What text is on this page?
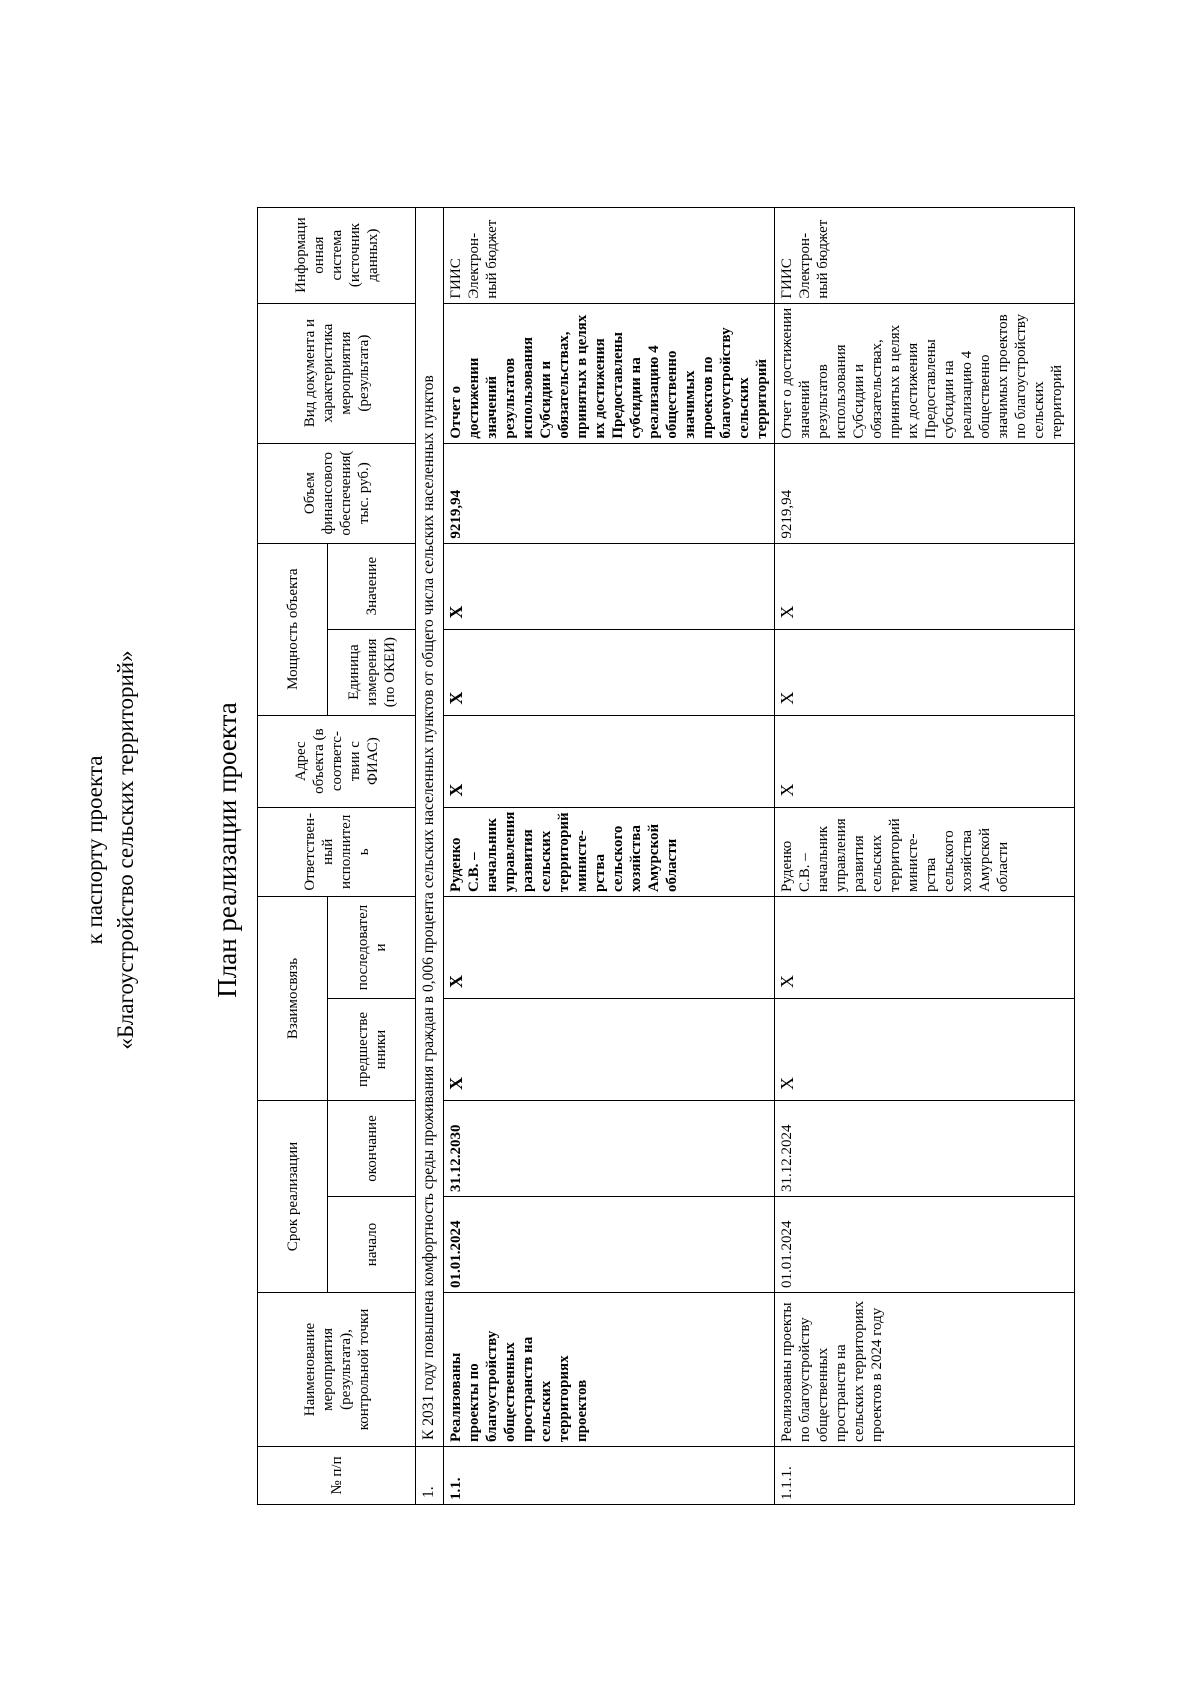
к паспорту проекта «Благоустройство сельских территорий»	План реализации проекта
№ п/п	Наименование мероприятия (результата), контрольной точки	Срок реализации		Взаимосвязь		Ответствен- ный исполнител ь	Адрес объекта (в соответс- твии с ФИАС)	Мощность объекта		Объем финансового обеспечения( тыс. руб.)	Вид документа и характеристика мероприятия (результата)	Информаци онная система (источник данных)
		начало	окончание	предшестве нники	последовател и			Единица измерения (по ОКЕИ)	Значение			
1.	К 2031 году повышена комфортность среды проживания граждан в 0,006 процента сельских населенных пунктов от общего числа сельских населенных пунктов											
1.1.	Реализованы проекты по благоустройству общественных пространств на сельских территориях проектов	01.01.2024	31.12.2030	X	X	Руденко С.В. – начальник управления развития сельских территорий министе- рства сельского хозяйства Амурской области	X	X	X	9219,94	Отчет о достижении значений результатов использования Субсидии и обязательствах, принятых в целях их достижения Предоставлены субсидии на реализацию 4 общественно значимых проектов по благоустройству сельских территорий	ГИИС Электрон- ный бюджет
1.1.1.	Реализованы проекты по благоустройству общественных пространств на сельских территориях проектов в 2024 году	01.01.2024	31.12.2024	X	X	Руденко С.В. – начальник управления развития сельских территорий министе- рства сельского хозяйства Амурской области	X	X	X	9219,94	Отчет о достижении значений результатов использования Субсидии и обязательствах, принятых в целях их достижения Предоставлены субсидии на реализацию 4 общественно значимых проектов по благоустройству сельских территорий	ГИИС Электрон- ный бюджет
